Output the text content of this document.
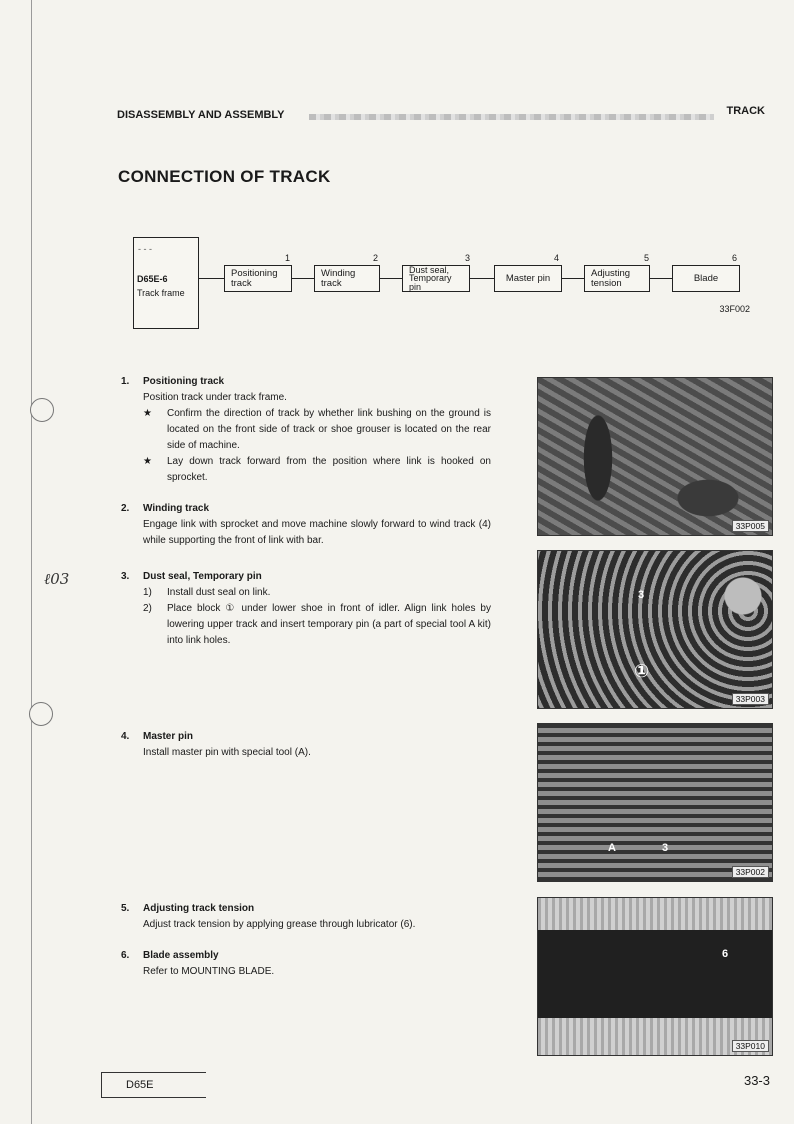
ℓ03
DISASSEMBLY AND ASSEMBLY	TRACK
CONNECTION OF TRACK
- - -
D65E-6
Track frame
Positioning
track
1
Winding
track
2
Dust seal,
Temporary
pin
3
Master pin
4
Adjusting
tension
5
Blade
6
33F002
1. Positioning track
Position track under track frame.
★ Confirm the direction of track by whether link bushing on the ground is located on the front side of track or shoe grouser is located on the rear side of machine.
★ Lay down track forward from the position where link is hooked on sprocket.
2. Winding track
Engage link with sprocket and move machine slowly forward to wind track (4) while supporting the front of link with bar.
3. Dust seal, Temporary pin
1) Install dust seal on link.
2) Place block ① under lower shoe in front of idler. Align link holes by lowering upper track and insert temporary pin (a part of special tool A kit) into link holes.
4. Master pin
Install master pin with special tool (A).
5. Adjusting track tension
Adjust track tension by applying grease through lubricator (6).
6. Blade assembly
Refer to MOUNTING BLADE.
33P005
3
①
33P003
A	3
33P002
6
33P010
D65E	33-3
